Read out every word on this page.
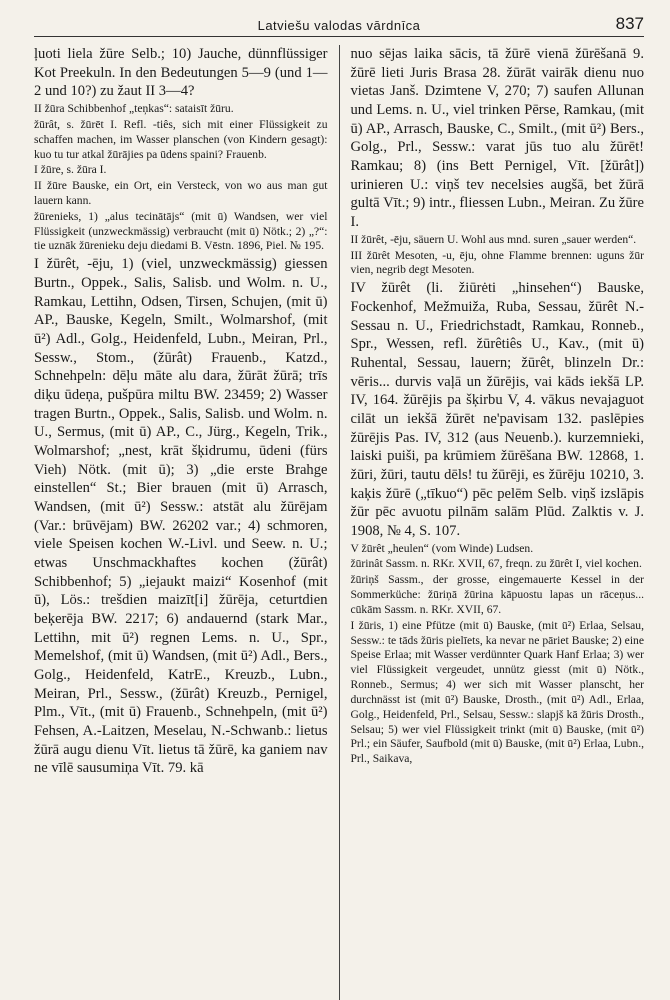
Latviešu valodas vārdnīca	837

ļuoti liela žūre Selb.; 10) Jauche, dünnflüssiger Kot Preekuln. In den Bedeutungen 5—9 (und 1—2 und 10?) zu žaut II 3—4?

II žūra Schibbenhof „teņkas“: sataisīt žūru.

žūrât, s. žūrēt I. Refl. -tiês, sich mit einer Flüssigkeit zu schaffen machen, im Wasser planschen (von Kindern gesagt): kuo tu tur atkal žūrājies pa ūdens spaini? Frauenb.

I žūre, s. žūra I.

II žūre Bauske, ein Ort, ein Versteck, von wo aus man gut lauern kann.

žūrenieks, 1) „alus tecinātājs“ (mit ū) Wandsen, wer viel Flüssigkeit (unzweckmässig) verbraucht (mit ū) Nötk.; 2) „?“: tie uznāk žūrenieku deju diedami B. Vēstn. 1896, Piel. № 195.

I žūrêt, -ēju, 1) (viel, unzweckmässig) giessen Burtn., Oppek., Salis, Salisb. und Wolm. n. U., Ramkau, Lettihn, Odsen, Tirsen, Schujen, (mit ū) AP., Bauske, Kegeln, Smilt., Wolmarshof, (mit ū²) Adl., Golg., Heidenfeld, Lubn., Meiran, Prl., Sessw., Stom., (žūrât) Frauenb., Katzd., Schnehpeln: dēļu māte alu dara, žūrāt žūrā; trīs diķu ūdeņa, pušpūra miltu BW. 23459; 2) Wasser tragen Burtn., Oppek., Salis, Salisb. und Wolm. n. U., Sermus, (mit ū) AP., C., Jürg., Kegeln, Trik., Wolmarshof; „nest, krāt šķidrumu, ūdeni (fürs Vieh) Nötk. (mit ū); 3) „die erste Brahge einstellen“ St.; Bier brauen (mit ū) Arrasch, Wandsen, (mit ū²) Sessw.: atstāt alu žūrējam (Var.: brūvējam) BW. 26202 var.; 4) schmoren, viele Speisen kochen W.-Livl. und Seew. n. U.; etwas Unschmackhaftes kochen (žūrât) Schibbenhof; 5) „iejaukt maizi“ Kosenhof (mit ū), Lös.: trešdien maizīt[i] žūrēja, ceturtdien beķerēja BW. 2217; 6) andauernd (stark Mar., Lettihn, mit ū²) regnen Lems. n. U., Spr., Memelshof, (mit ū) Wandsen, (mit ū²) Adl., Bers., Golg., Heidenfeld, KatrE., Kreuzb., Lubn., Meiran, Prl., Sessw., (žūrât) Kreuzb., Pernigel, Plm., Vīt., (mit ū) Frauenb., Schnehpeln, (mit ū²) Fehsen, A.-Laitzen, Meselau, N.-Schwanb.: lietus žūrā augu dienu Vīt. lietus tā žūrē, ka ganiem nav ne vīlē sausumiņa Vīt. 79. kā

nuo sējas laika sācis, tā žūrē vienā žūrēšanā 9. žūrē lieti Juris Brasa 28. žūrāt vairāk dienu nuo vietas Janš. Dzimtene V, 270; 7) saufen Allunan und Lems. n. U., viel trinken Pērse, Ramkau, (mit ū) AP., Arrasch, Bauske, C., Smilt., (mit ū²) Bers., Golg., Prl., Sessw.: varat jūs tuo alu žūrēt! Ramkau; 8) (ins Bett Pernigel, Vīt. [žūrât]) urinieren U.: viņš tev necelsies augšā, bet žūrā gultā Vīt.; 9) intr., fliessen Lubn., Meiran. Zu žūre I.

II žūrêt, -ēju, säuern U. Wohl aus mnd. suren „sauer werden“.

III žūrêt Mesoten, -u, ēju, ohne Flamme brennen: uguns žūr vien, negrib degt Mesoten.

IV žūrêt (li. žiūrėti „hinsehen“) Bauske, Fockenhof, Mežmuiža, Ruba, Sessau, žūrêt N.-Sessau n. U., Friedrichstadt, Ramkau, Ronneb., Spr., Wessen, refl. žūrêtiês U., Kav., (mit ū) Ruhental, Sessau, lauern; žūrêt, blinzeln Dr.: vēris... durvis vaļā un žūrējis, vai kāds iekšā LP. IV, 164. žūrējis pa šķirbu V, 4. vākus nevajaguot cilāt un iekšā žūrēt ne'pavisam 132. paslēpies žūrējis Pas. IV, 312 (aus Neuenb.). kurzemnieki, laiski puiši, pa krūmiem žūrēšana BW. 12868, 1. žūri, žūri, tautu dēls! tu žūrēji, es žūrēju 10210, 3. kaķis žūrē („tīkuo“) pēc pelēm Selb. viņš izslāpis žūr pēc avuotu pilnām salām Plūd. Zalktis v. J. 1908, № 4, S. 107.

V žūrêt „heulen“ (vom Winde) Ludsen.

žūrinât Sassm. n. RKr. XVII, 67, freqn. zu žūrêt I, viel kochen.

žūriņš Sassm., der grosse, eingemauerte Kessel in der Sommerküche: žūriņā žūrina kāpuostu lapas un rāceņus... cūkām Sassm. n. RKr. XVII, 67.

I žūris, 1) eine Pfütze (mit ū) Bauske, (mit ū²) Erlaa, Selsau, Sessw.: te tāds žūris pielīets, ka nevar ne pāriet Bauske; 2) eine Speise Erlaa; mit Wasser verdünnter Quark Hanf Erlaa; 3) wer viel Flüssigkeit vergeudet, unnütz giesst (mit ū) Nötk., Ronneb., Sermus; 4) wer sich mit Wasser planscht, her durchnässt ist (mit ū²) Bauske, Drosth., (mit ū²) Adl., Erlaa, Golg., Heidenfeld, Prl., Selsau, Sessw.: slapjš kā žūris Drosth., Selsau; 5) wer viel Flüssigkeit trinkt (mit ū) Bauske, (mit ū²) Prl.; ein Säufer, Saufbold (mit ū) Bauske, (mit ū²) Erlaa, Lubn., Prl., Saikava,
